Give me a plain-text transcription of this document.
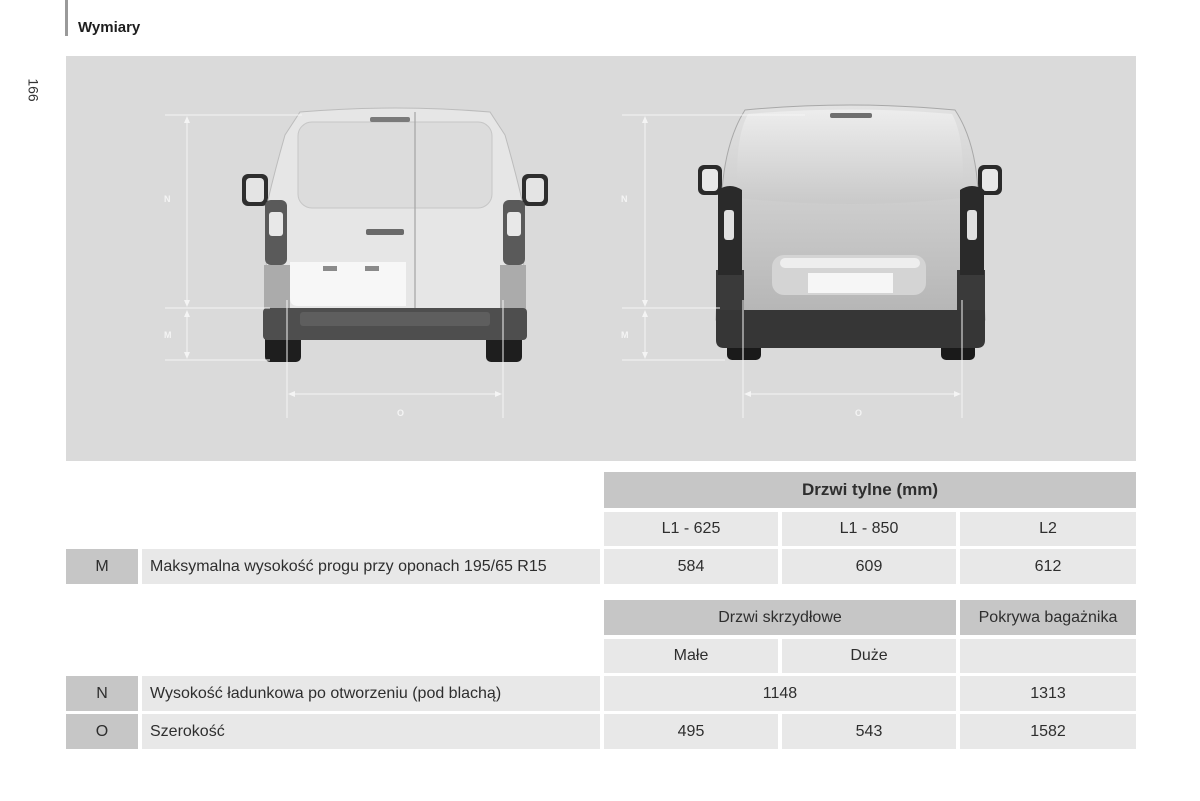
Wymiary
166
N
M
O
N
M
O
Drzwi tylne (mm)
L1 - 625	L1 - 850	L2
M	Maksymalna wysokość progu przy oponach 195/65 R15	584	609	612
Drzwi skrzydłowe	Pokrywa bagażnika
Małe	Duże
N	Wysokość ładunkowa po otworzeniu (pod blachą)	1148	1313
O	Szerokość	495	543	1582
